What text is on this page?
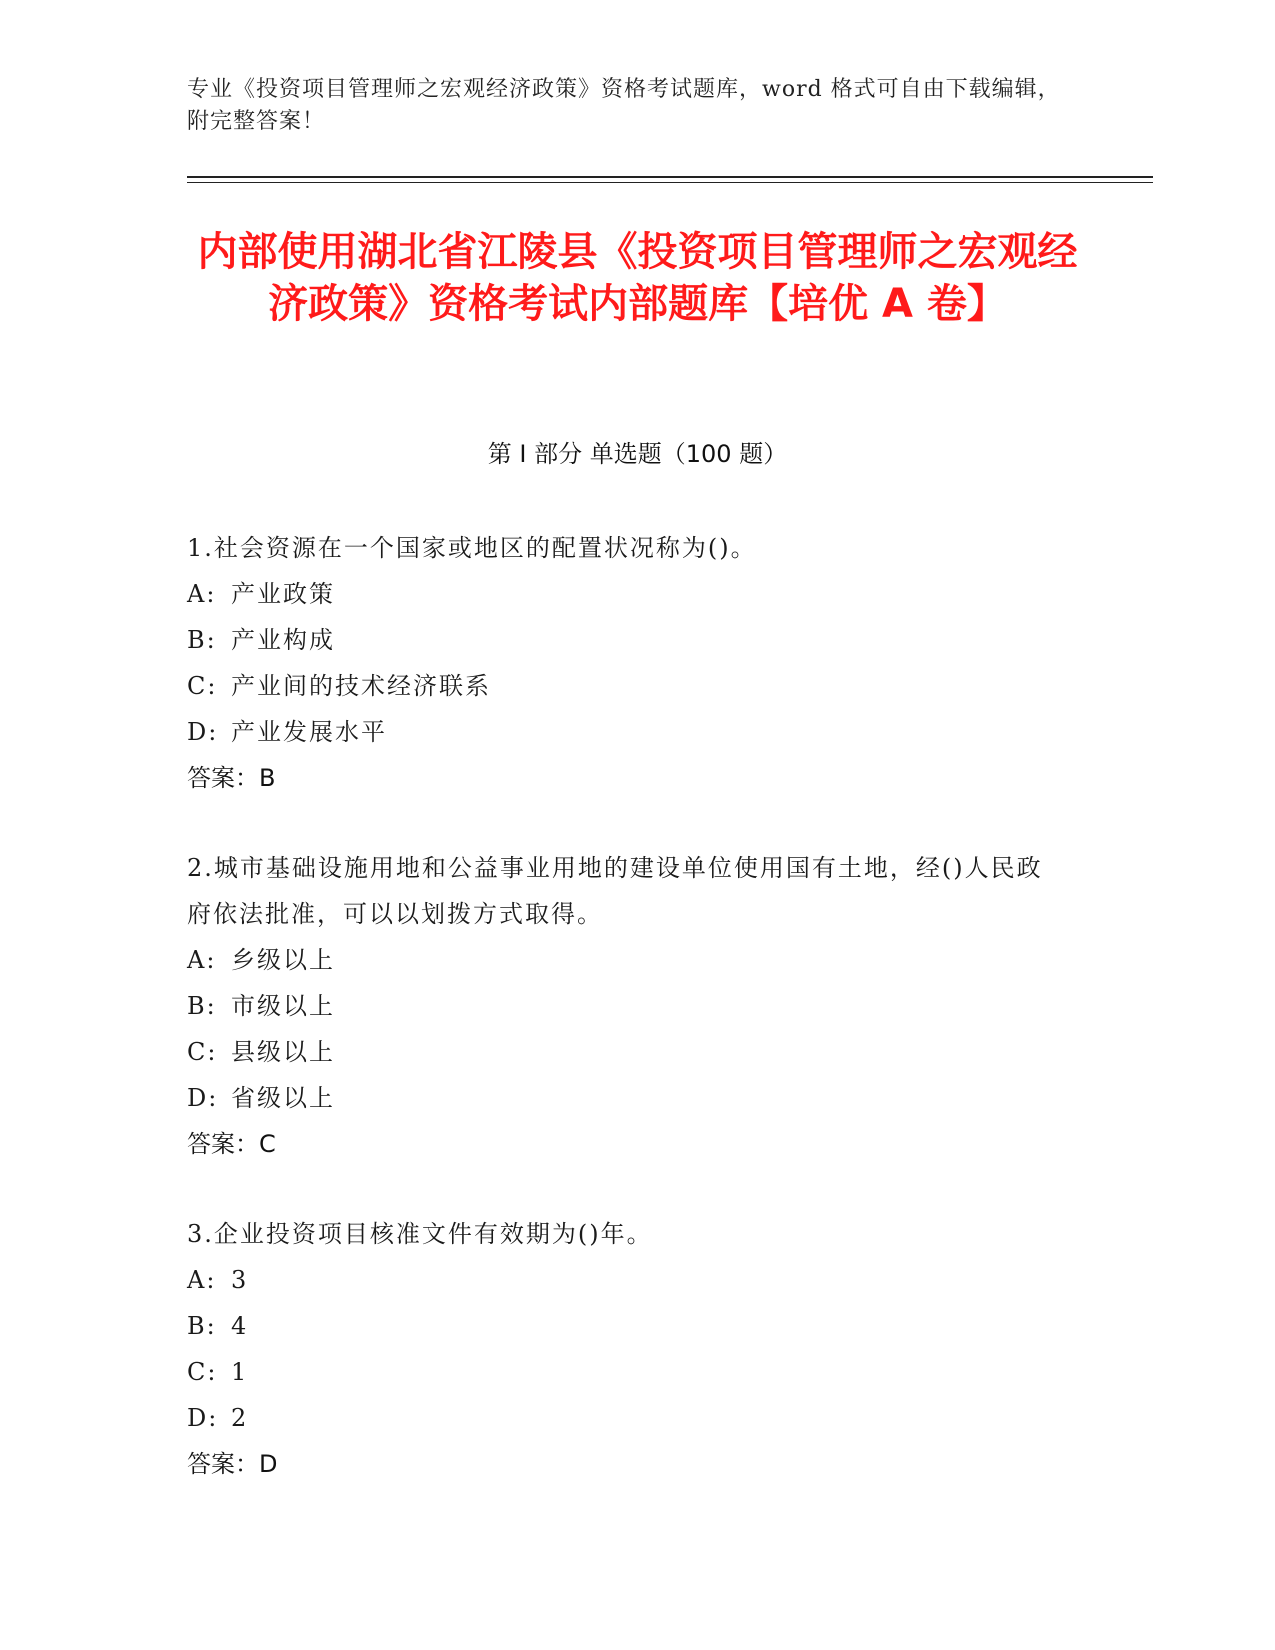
专业《投资项目管理师之宏观经济政策》资格考试题库，word 格式可自由下载编辑，附完整答案！
内部使用湖北省江陵县《投资项目管理师之宏观经济政策》资格考试内部题库【培优 A 卷】
第 I 部分 单选题（100 题）
1.社会资源在一个国家或地区的配置状况称为()。
A: 产业政策
B: 产业构成
C: 产业间的技术经济联系
D: 产业发展水平
答案：B
2.城市基础设施用地和公益事业用地的建设单位使用国有土地，经()人民政府依法批准，可以以划拨方式取得。
A: 乡级以上
B: 市级以上
C: 县级以上
D: 省级以上
答案：C
3.企业投资项目核准文件有效期为()年。
A: 3
B: 4
C: 1
D: 2
答案：D
